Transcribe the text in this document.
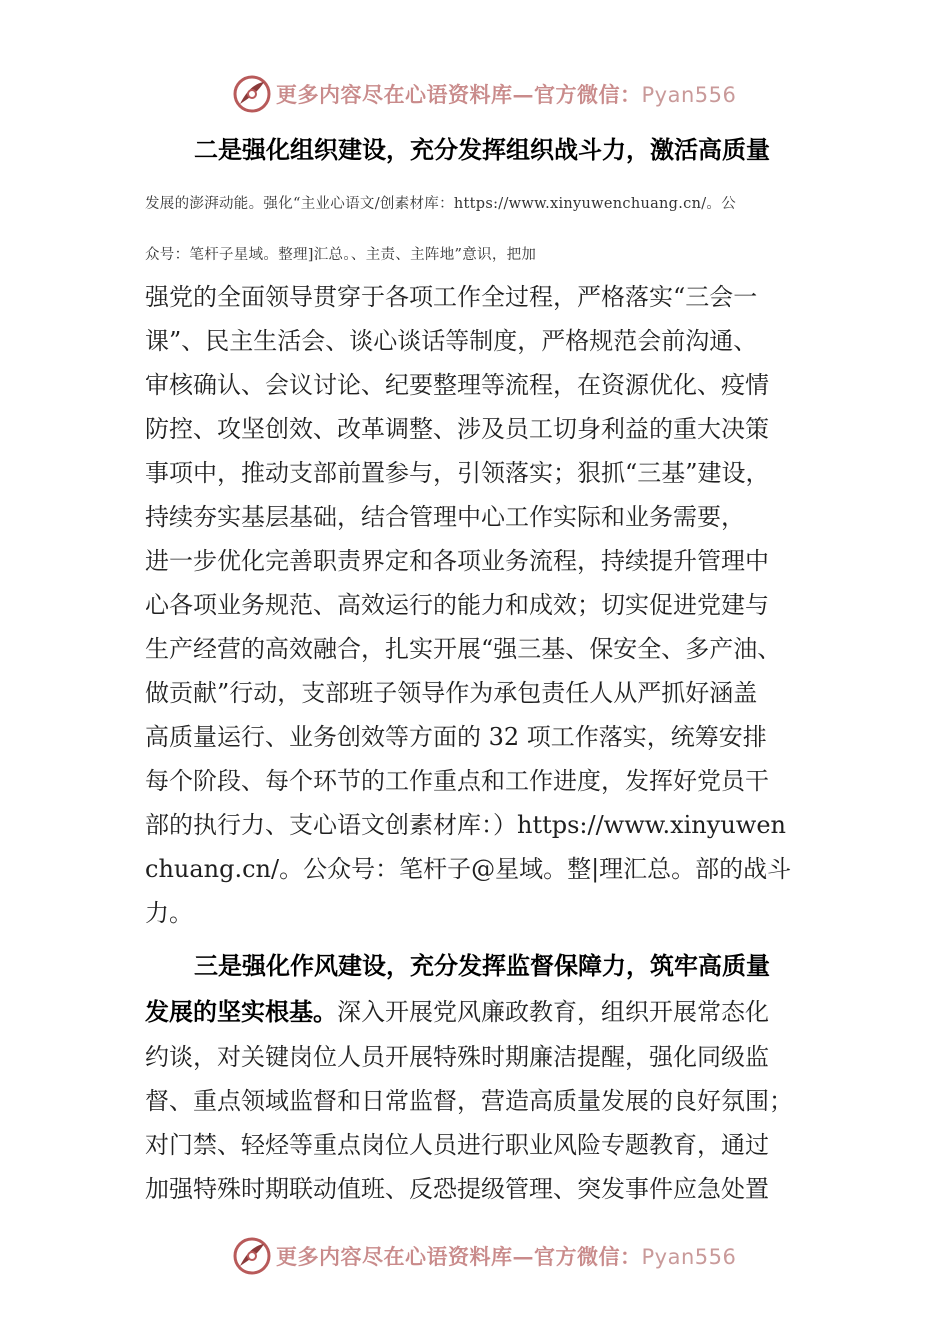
更多内容尽在心语资料库—官方微信：Pyan556
二是强化组织建设，充分发挥组织战斗力，激活高质量
发展的澎湃动能。强化“主业心语文/创素材库：https://www.xinyuwenchuang.cn/。公
众号：笔杆子星域。整理]汇总。、主责、主阵地”意识，把加
强党的全面领导贯穿于各项工作全过程，严格落实“三会一
课”、民主生活会、谈心谈话等制度，严格规范会前沟通、
审核确认、会议讨论、纪要整理等流程，在资源优化、疫情
防控、攻坚创效、改革调整、涉及员工切身利益的重大决策
事项中，推动支部前置参与，引领落实；狠抓“三基”建设，
持续夯实基层基础，结合管理中心工作实际和业务需要，
进一步优化完善职责界定和各项业务流程，持续提升管理中
心各项业务规范、高效运行的能力和成效；切实促进党建与
生产经营的高效融合，扎实开展“强三基、保安全、多产油、
做贡献”行动，支部班子领导作为承包责任人从严抓好涵盖
高质量运行、业务创效等方面的 32 项工作落实，统筹安排
每个阶段、每个环节的工作重点和工作进度，发挥好党员干
部的执行力、支心语文创素材库：）https://www.xinyuwen
chuang.cn/。公众号：笔杆子@星域。整|理汇总。部的战斗
力。
三是强化作风建设，充分发挥监督保障力，筑牢高质量
发展的坚实根基。深入开展党风廉政教育，组织开展常态化
约谈，对关键岗位人员开展特殊时期廉洁提醒，强化同级监
督、重点领域监督和日常监督，营造高质量发展的良好氛围；
对门禁、轻烃等重点岗位人员进行职业风险专题教育，通过
加强特殊时期联动值班、反恐提级管理、突发事件应急处置
更多内容尽在心语资料库—官方微信：Pyan556
